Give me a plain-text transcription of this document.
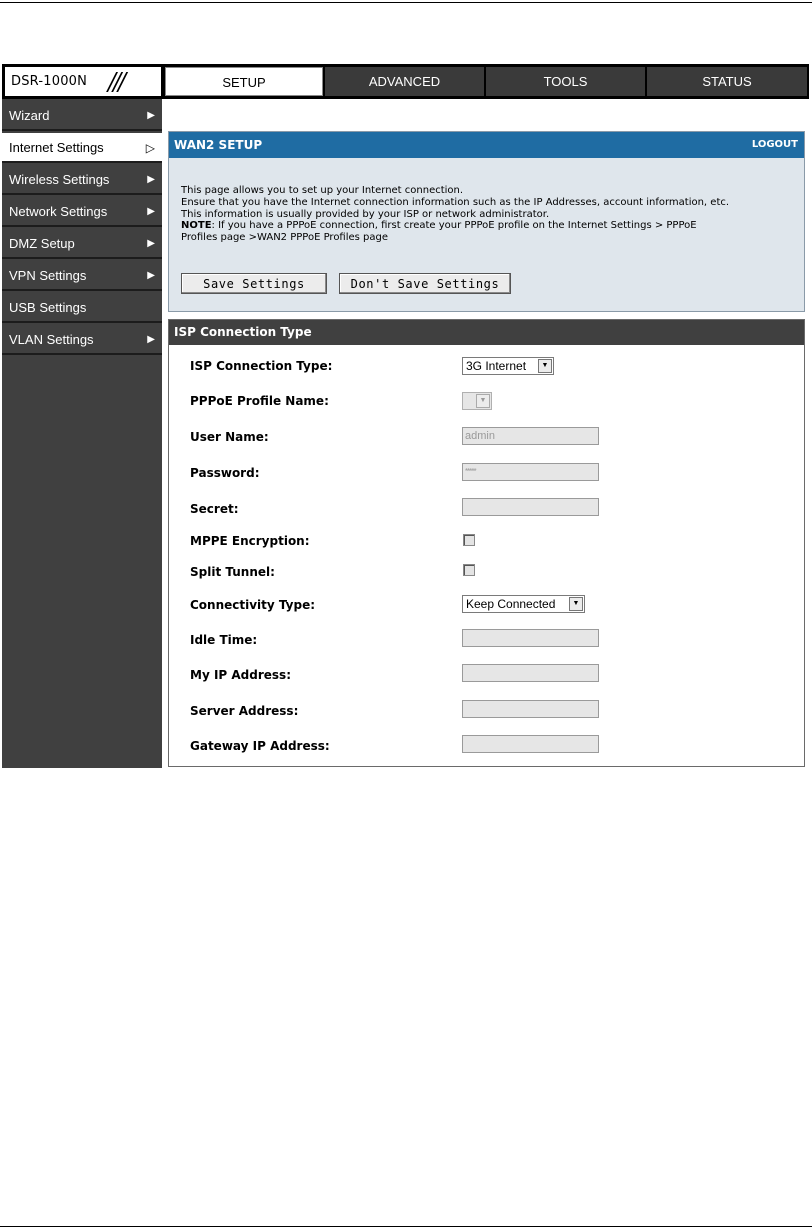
DSR-1000N ///	SETUP	ADVANCED	TOOLS	STATUS
Wizard	▶
Internet Settings	▷
Wireless Settings	▶
Network Settings	▶
DMZ Setup	▶
VPN Settings	▶
USB Settings
VLAN Settings	▶
WAN2 SETUP	LOGOUT
This page allows you to set up your Internet connection.
Ensure that you have the Internet connection information such as the IP Addresses, account information, etc.
This information is usually provided by your ISP or network administrator.
NOTE: If you have a PPPoE connection, first create your PPPoE profile on the Internet Settings > PPPoE
Profiles page >WAN2 PPPoE Profiles page
Save Settings	Don't Save Settings
ISP Connection Type
ISP Connection Type:	3G Internet	▼
PPPoE Profile Name:	▼
User Name:	admin
Password:	*****
Secret:
MPPE Encryption:
Split Tunnel:
Connectivity Type:	Keep Connected	▼
Idle Time:
My IP Address:
Server Address:
Gateway IP Address:
